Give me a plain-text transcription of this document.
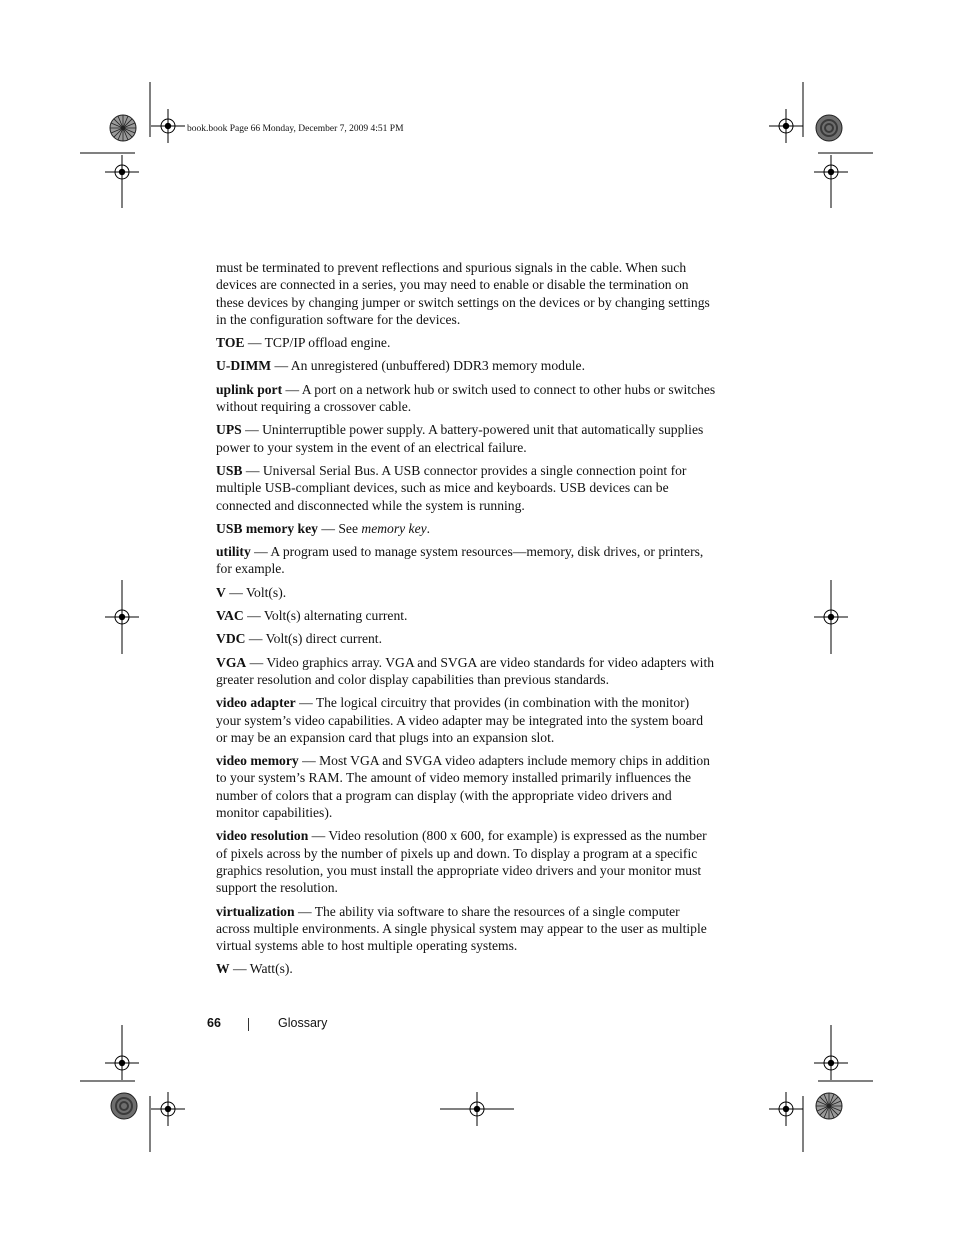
book.book Page 66 Monday, December 7, 2009 4:51 PM

must be terminated to prevent reflections and spurious signals in the cable. When such devices are connected in a series, you may need to enable or disable the termination on these devices by changing jumper or switch settings on the devices or by changing settings in the configuration software for the devices.

TOE — TCP/IP offload engine.

U-DIMM — An unregistered (unbuffered) DDR3 memory module.

uplink port — A port on a network hub or switch used to connect to other hubs or switches without requiring a crossover cable.

UPS — Uninterruptible power supply. A battery-powered unit that automatically supplies power to your system in the event of an electrical failure.

USB — Universal Serial Bus. A USB connector provides a single connection point for multiple USB-compliant devices, such as mice and keyboards. USB devices can be connected and disconnected while the system is running.

USB memory key — See memory key.

utility — A program used to manage system resources—memory, disk drives, or printers, for example.

V — Volt(s).

VAC — Volt(s) alternating current.

VDC — Volt(s) direct current.

VGA — Video graphics array. VGA and SVGA are video standards for video adapters with greater resolution and color display capabilities than previous standards.

video adapter — The logical circuitry that provides (in combination with the monitor) your system’s video capabilities. A video adapter may be integrated into the system board or may be an expansion card that plugs into an expansion slot.

video memory — Most VGA and SVGA video adapters include memory chips in addition to your system’s RAM. The amount of video memory installed primarily influences the number of colors that a program can display (with the appropriate video drivers and monitor capabilities).

video resolution — Video resolution (800 x 600, for example) is expressed as the number of pixels across by the number of pixels up and down. To display a program at a specific graphics resolution, you must install the appropriate video drivers and your monitor must support the resolution.

virtualization — The ability via software to share the resources of a single computer across multiple environments. A single physical system may appear to the user as multiple virtual systems able to host multiple operating systems.

W — Watt(s).

66	Glossary
